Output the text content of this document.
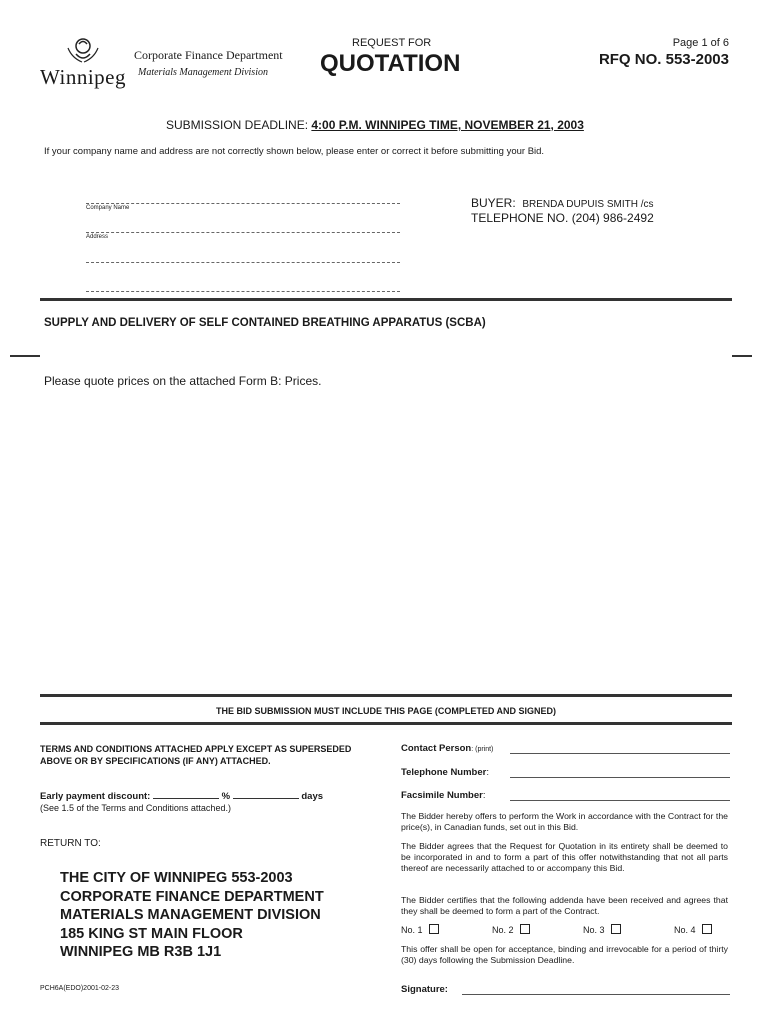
Winnipeg
Corporate Finance Department
Materials Management Division
REQUEST FOR
QUOTATION
Page 1 of 6
RFQ NO. 553-2003
SUBMISSION DEADLINE: 4:00 P.M. WINNIPEG TIME, NOVEMBER 21, 2003
If your company name and address are not correctly shown below, please enter or correct it before submitting your Bid.
Company Name
Address
BUYER: BRENDA DUPUIS SMITH /cs
TELEPHONE NO. (204) 986-2492
SUPPLY AND DELIVERY OF SELF CONTAINED BREATHING APPARATUS (SCBA)
Please quote prices on the attached Form B: Prices.
THE BID SUBMISSION MUST INCLUDE THIS PAGE (COMPLETED AND SIGNED)
TERMS AND CONDITIONS ATTACHED APPLY EXCEPT AS SUPERSEDED ABOVE OR BY SPECIFICATIONS (IF ANY) ATTACHED.
Early payment discount:	%	days
(See 1.5 of the Terms and Conditions attached.)
RETURN TO:
THE CITY OF WINNIPEG 553-2003
CORPORATE FINANCE DEPARTMENT
MATERIALS MANAGEMENT DIVISION
185 KING ST MAIN FLOOR
WINNIPEG MB R3B 1J1
PCH6A(EDO)2001-02-23
Contact Person: (print)
Telephone Number:
Facsimile Number:
The Bidder hereby offers to perform the Work in accordance with the Contract for the price(s), in Canadian funds, set out in this Bid.
The Bidder agrees that the Request for Quotation in its entirety shall be deemed to be incorporated in and to form a part of this offer notwithstanding that not all parts thereof are necessarily attached to or accompany this Bid.
The Bidder certifies that the following addenda have been received and agrees that they shall be deemed to form a part of the Contract.
No. 1	No. 2	No. 3	No. 4
This offer shall be open for acceptance, binding and irrevocable for a period of thirty (30) days following the Submission Deadline.
Signature:
